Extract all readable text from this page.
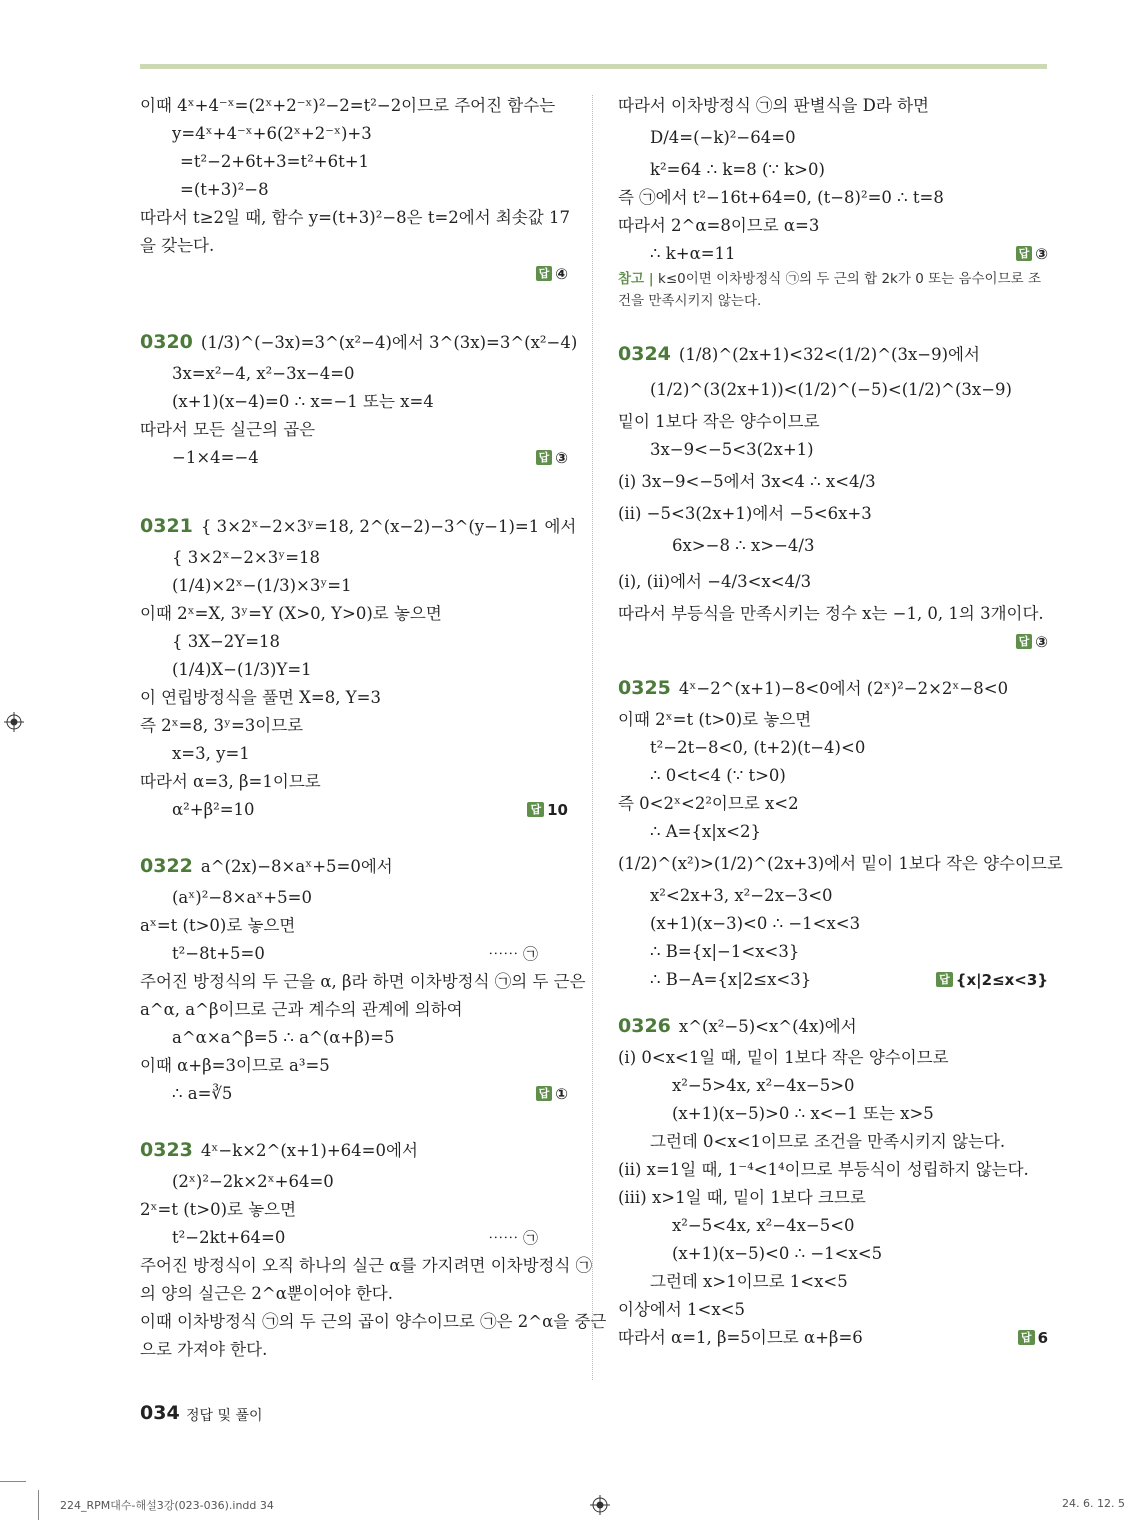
이때 4ˣ+4⁻ˣ=(2ˣ+2⁻ˣ)²−2=t²−2이므로 주어진 함수는
y=4ˣ+4⁻ˣ+6(2ˣ+2⁻ˣ)+3
=t²−2+6t+3=t²+6t+1
=(t+3)²−8
따라서 t≥2일 때, 함수 y=(t+3)²−8은 t=2에서 최솟값 17
을 갖는다.
답 ④
0320 (1/3)^(−3x)=3^(x²−4)에서 3^(3x)=3^(x²−4)
3x=x²−4, x²−3x−4=0
(x+1)(x−4)=0 ∴ x=−1 또는 x=4
따라서 모든 실근의 곱은
−1×4=−4	답 ③
0321 { 3×2ˣ−2×3ʸ=18, 2^(x−2)−3^(y−1)=1 에서
{ 3×2ˣ−2×3ʸ=18
(1/4)×2ˣ−(1/3)×3ʸ=1
이때 2ˣ=X, 3ʸ=Y (X>0, Y>0)로 놓으면
{ 3X−2Y=18
(1/4)X−(1/3)Y=1
이 연립방정식을 풀면 X=8, Y=3
즉 2ˣ=8, 3ʸ=3이므로
x=3, y=1
따라서 α=3, β=1이므로
α²+β²=10	답 10
0322 a^(2x)−8×aˣ+5=0에서
(aˣ)²−8×aˣ+5=0
aˣ=t (t>0)로 놓으면
t²−8t+5=0	⋯⋯ ㉠
주어진 방정식의 두 근을 α, β라 하면 이차방정식 ㉠의 두 근은
a^α, a^β이므로 근과 계수의 관계에 의하여
a^α×a^β=5 ∴ a^(α+β)=5
이때 α+β=3이므로 a³=5
∴ a=∛5	답 ①
0323 4ˣ−k×2^(x+1)+64=0에서
(2ˣ)²−2k×2ˣ+64=0
2ˣ=t (t>0)로 놓으면
t²−2kt+64=0	⋯⋯ ㉠
주어진 방정식이 오직 하나의 실근 α를 가지려면 이차방정식 ㉠
의 양의 실근은 2^α뿐이어야 한다.
이때 이차방정식 ㉠의 두 근의 곱이 양수이므로 ㉠은 2^α을 중근
으로 가져야 한다.
따라서 이차방정식 ㉠의 판별식을 D라 하면
D/4=(−k)²−64=0
k²=64 ∴ k=8 (∵ k>0)
즉 ㉠에서 t²−16t+64=0, (t−8)²=0 ∴ t=8
따라서 2^α=8이므로 α=3
∴ k+α=11	답 ③
참고 | k≤0이면 이차방정식 ㉠의 두 근의 합 2k가 0 또는 음수이므로 조건을 만족시키지 않는다.
0324 (1/8)^(2x+1)<32<(1/2)^(3x−9)에서
(1/2)^(3(2x+1))<(1/2)^(−5)<(1/2)^(3x−9)
밑이 1보다 작은 양수이므로
3x−9<−5<3(2x+1)
(ⅰ) 3x−9<−5에서 3x<4 ∴ x<4/3
(ⅱ) −5<3(2x+1)에서 −5<6x+3
6x>−8 ∴ x>−4/3
(ⅰ), (ⅱ)에서 −4/3<x<4/3
따라서 부등식을 만족시키는 정수 x는 −1, 0, 1의 3개이다.
답 ③
0325 4ˣ−2^(x+1)−8<0에서 (2ˣ)²−2×2ˣ−8<0
이때 2ˣ=t (t>0)로 놓으면
t²−2t−8<0, (t+2)(t−4)<0
∴ 0<t<4 (∵ t>0)
즉 0<2ˣ<2²이므로 x<2
∴ A={x|x<2}
(1/2)^(x²)>(1/2)^(2x+3)에서 밑이 1보다 작은 양수이므로
x²<2x+3, x²−2x−3<0
(x+1)(x−3)<0 ∴ −1<x<3
∴ B={x|−1<x<3}
∴ B−A={x|2≤x<3}	답 {x|2≤x<3}
0326 x^(x²−5)<x^(4x)에서
(ⅰ) 0<x<1일 때, 밑이 1보다 작은 양수이므로
x²−5>4x, x²−4x−5>0
(x+1)(x−5)>0 ∴ x<−1 또는 x>5
그런데 0<x<1이므로 조건을 만족시키지 않는다.
(ⅱ) x=1일 때, 1⁻⁴<1⁴이므로 부등식이 성립하지 않는다.
(ⅲ) x>1일 때, 밑이 1보다 크므로
x²−5<4x, x²−4x−5<0
(x+1)(x−5)<0 ∴ −1<x<5
그런데 x>1이므로 1<x<5
이상에서 1<x<5
따라서 α=1, β=5이므로 α+β=6	답 6
034 정답 및 풀이
224_RPM대수-해설3강(023-036).indd 34	24. 6. 12. 5
